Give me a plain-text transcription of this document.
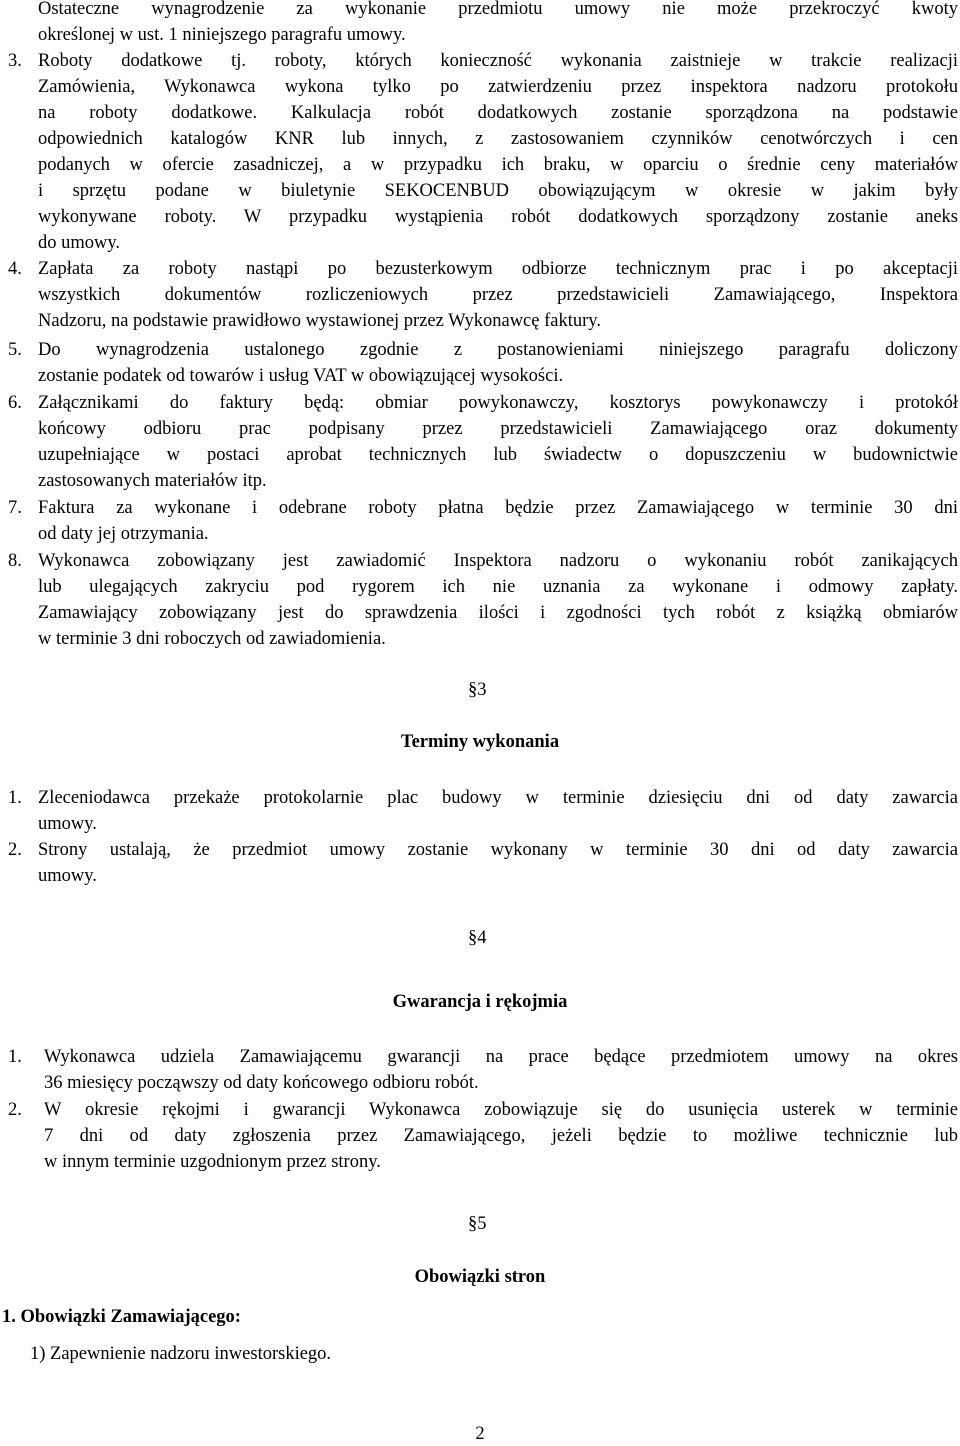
Ostateczne wynagrodzenie za wykonanie przedmiotu umowy nie może przekroczyć kwoty
określonej w ust. 1 niniejszego paragrafu umowy.
3. Roboty dodatkowe tj. roboty, których konieczność wykonania zaistnieje w trakcie realizacji
Zamówienia, Wykonawca wykona tylko po zatwierdzeniu przez inspektora nadzoru protokołu
na roboty dodatkowe. Kalkulacja robót dodatkowych zostanie sporządzona na podstawie
odpowiednich katalogów KNR lub innych, z zastosowaniem czynników cenotwórczych i cen
podanych w ofercie zasadniczej, a w przypadku ich braku, w oparciu o średnie ceny materiałów
i sprzętu podane w biuletynie SEKOCENBUD obowiązującym w okresie w jakim były
wykonywane roboty. W przypadku wystąpienia robót dodatkowych sporządzony zostanie aneks
do umowy.
4. Zapłata za roboty nastąpi po bezusterkowym odbiorze technicznym prac i po akceptacji
wszystkich dokumentów rozliczeniowych przez przedstawicieli Zamawiającego, Inspektora
Nadzoru, na podstawie prawidłowo wystawionej przez Wykonawcę faktury.
5. Do wynagrodzenia ustalonego zgodnie z postanowieniami niniejszego paragrafu doliczony
zostanie podatek od towarów i usług VAT w obowiązującej wysokości.
6. Załącznikami do faktury będą: obmiar powykonawczy, kosztorys powykonawczy i protokół
końcowy odbioru prac podpisany przez przedstawicieli Zamawiającego oraz dokumenty
uzupełniające w postaci aprobat technicznych lub świadectw o dopuszczeniu w budownictwie
zastosowanych materiałów itp.
7. Faktura za wykonane i odebrane roboty płatna będzie przez Zamawiającego w terminie 30 dni
od daty jej otrzymania.
8. Wykonawca zobowiązany jest zawiadomić Inspektora nadzoru o wykonaniu robót zanikających
lub ulegających zakryciu pod rygorem ich nie uznania za wykonane i odmowy zapłaty.
Zamawiający zobowiązany jest do sprawdzenia ilości i zgodności tych robót z książką obmiarów
w terminie 3 dni roboczych od zawiadomienia.
§3
Terminy wykonania
1. Zleceniodawca przekaże protokolarnie plac budowy w terminie dziesięciu dni od daty zawarcia
umowy.
2. Strony ustalają, że przedmiot umowy zostanie wykonany w terminie 30 dni od daty zawarcia
umowy.
§4
Gwarancja i rękojmia
1. Wykonawca udziela Zamawiającemu gwarancji na prace będące przedmiotem umowy na okres
36 miesięcy począwszy od daty końcowego odbioru robót.
2. W okresie rękojmi i gwarancji Wykonawca zobowiązuje się do usunięcia usterek w terminie
7 dni od daty zgłoszenia przez Zamawiającego, jeżeli będzie to możliwe technicznie lub
w innym terminie uzgodnionym przez strony.
§5
Obowiązki stron
1. Obowiązki Zamawiającego:
1) Zapewnienie nadzoru inwestorskiego.
2
